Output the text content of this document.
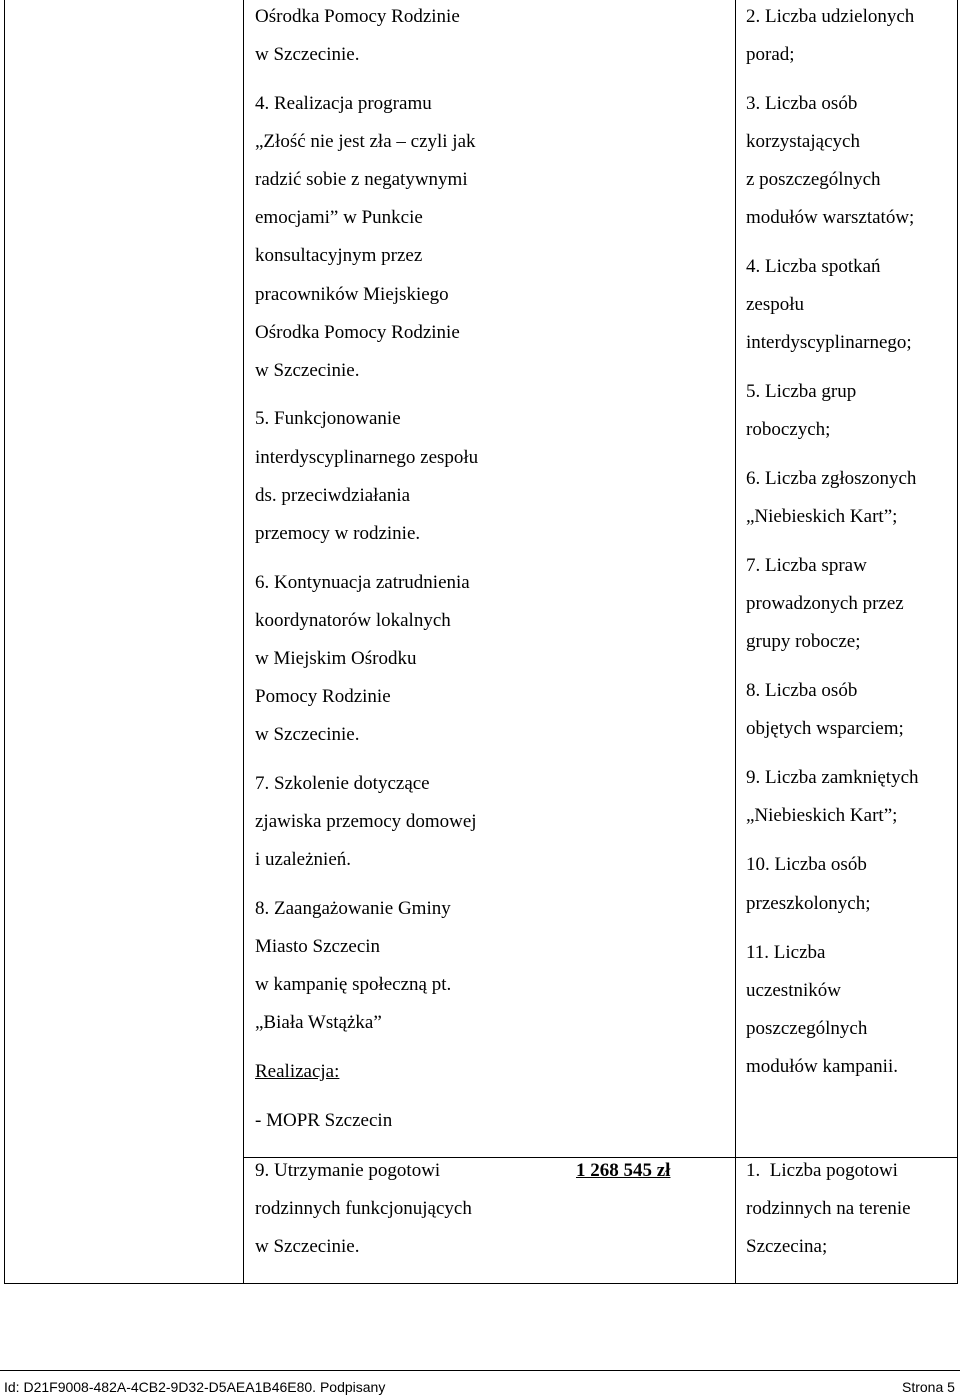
Ośrodka Pomocy Rodzinie
w Szczecinie.
4. Realizacja programu
„Złość nie jest zła – czyli jak
radzić sobie z negatywnymi
emocjami” w Punkcie
konsultacyjnym przez
pracowników Miejskiego
Ośrodka Pomocy Rodzinie
w Szczecinie.
5. Funkcjonowanie
interdyscyplinarnego zespołu
ds. przeciwdziałania
przemocy w rodzinie.
6. Kontynuacja zatrudnienia
koordynatorów lokalnych
w Miejskim Ośrodku
Pomocy Rodzinie
w Szczecinie.
7. Szkolenie dotyczące
zjawiska przemocy domowej
i uzależnień.
8. Zaangażowanie Gminy
Miasto Szczecin
w kampanię społeczną pt.
„Biała Wstążka”
Realizacja:
- MOPR Szczecin
2. Liczba udzielonych
porad;
3. Liczba osób
korzystających
z poszczególnych
modułów warsztatów;
4. Liczba spotkań
zespołu
interdyscyplinarnego;
5. Liczba grup
roboczych;
6. Liczba zgłoszonych
„Niebieskich Kart”;
7. Liczba spraw
prowadzonych przez
grupy robocze;
8. Liczba osób
objętych wsparciem;
9. Liczba zamkniętych
„Niebieskich Kart”;
10. Liczba osób
przeszkolonych;
11. Liczba
uczestników
poszczególnych
modułów kampanii.
9. Utrzymanie pogotowi
rodzinnych funkcjonujących
w Szczecinie.
1 268 545 zł	1.  Liczba pogotowi
rodzinnych na terenie
Szczecina;
Id: D21F9008-482A-4CB2-9D32-D5AEA1B46E80. Podpisany	Strona 5
